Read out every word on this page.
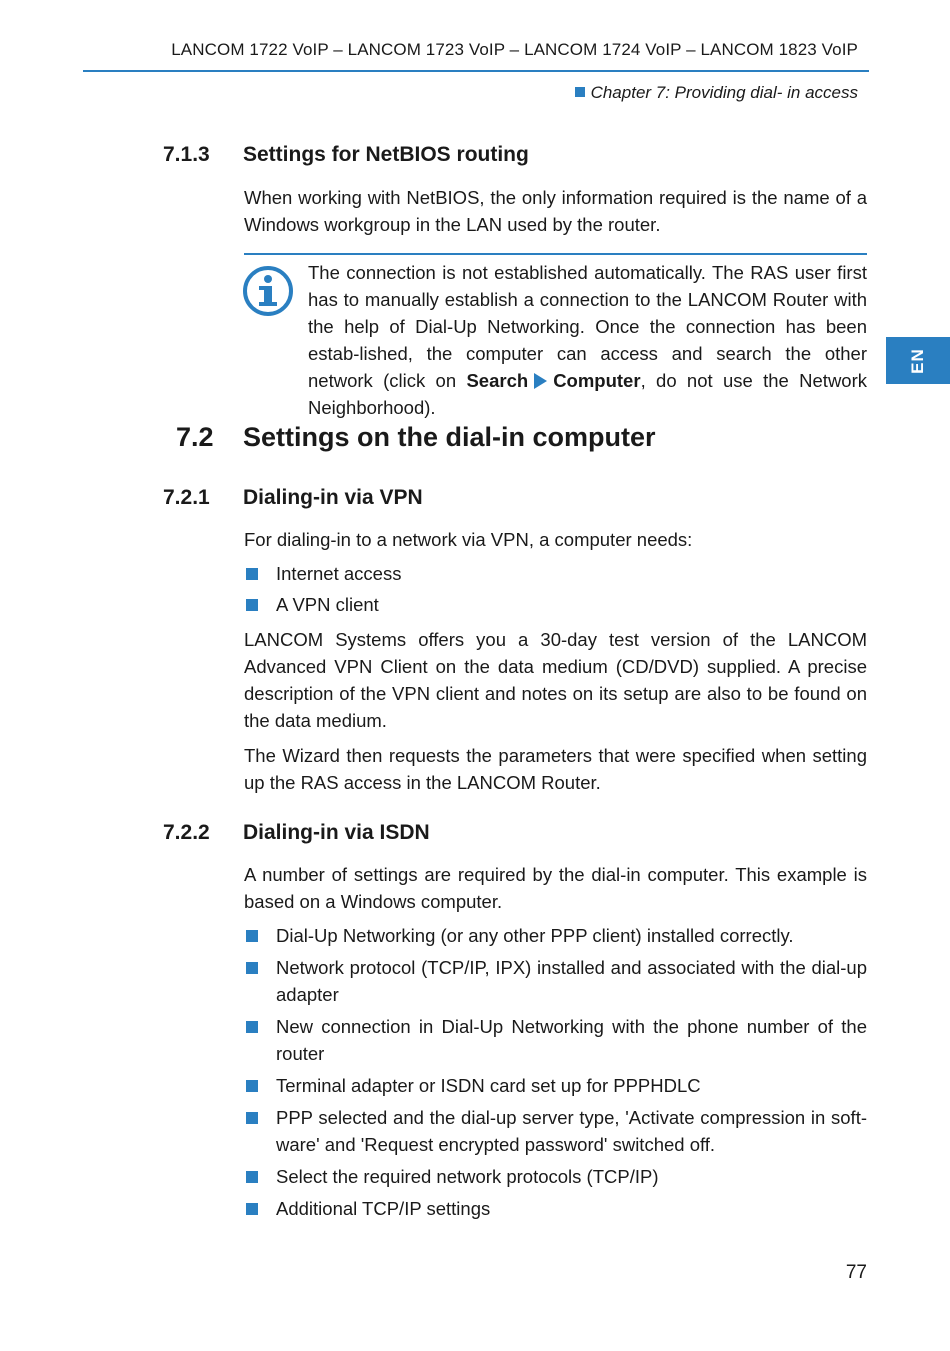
LANCOM 1722 VoIP – LANCOM 1723 VoIP – LANCOM 1724 VoIP – LANCOM 1823 VoIP
Chapter 7: Providing dial- in access
EN
7.1.3 Settings for NetBIOS routing
When working with NetBIOS, the only information required is the name of a Windows workgroup in the LAN used by the router.
The connection is not established automatically. The RAS user first has to manually establish a connection to the LANCOM Router with the help of Dial-Up Networking. Once the connection has been estab-lished, the computer can access and search the other network (click on Search Computer, do not use the Network Neighborhood).
7.2 Settings on the dial-in computer
7.2.1 Dialing-in via VPN
For dialing-in to a network via VPN, a computer needs:
Internet access
A VPN client
LANCOM Systems offers you a 30-day test version of the LANCOM Advanced VPN Client on the data medium (CD/DVD) supplied. A precise description of the VPN client and notes on its setup are also to be found on the data medium.
The Wizard then requests the parameters that were specified when setting up the RAS access in the LANCOM Router.
7.2.2 Dialing-in via ISDN
A number of settings are required by the dial-in computer. This example is based on a Windows computer.
Dial-Up Networking (or any other PPP client) installed correctly.
Network protocol (TCP/IP, IPX) installed and associated with the dial-up adapter
New connection in Dial-Up Networking with the phone number of the router
Terminal adapter or ISDN card set up for PPPHDLC
PPP selected and the dial-up server type, 'Activate compression in soft-ware' and 'Request encrypted password' switched off.
Select the required network protocols (TCP/IP)
Additional TCP/IP settings
77
